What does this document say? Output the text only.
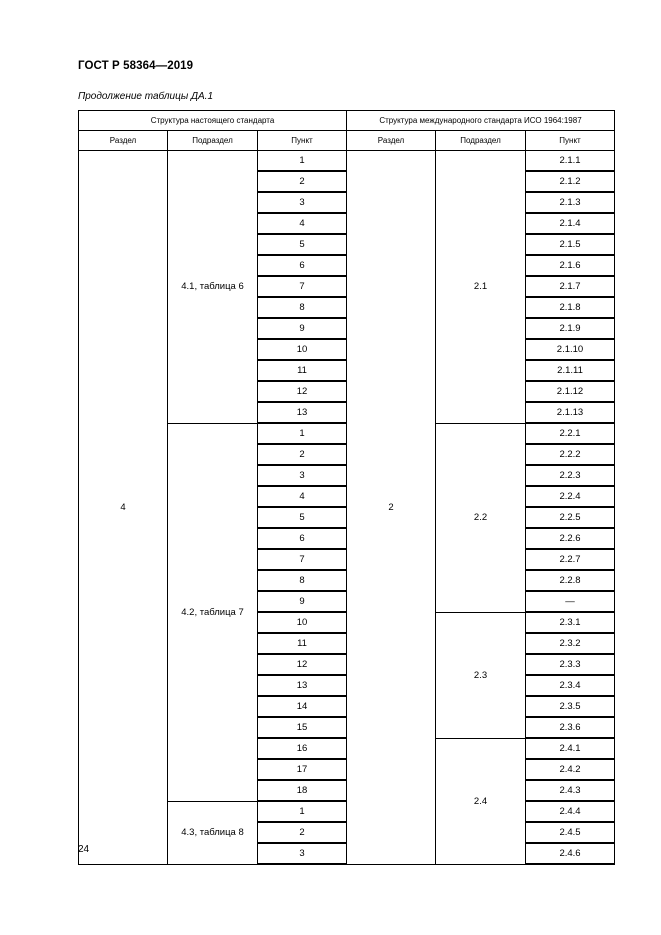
ГОСТ Р 58364—2019
Продолжение таблицы ДА.1
Структура настоящего стандарта			Структура международного стандарта ИСО 1964:1987		
Раздел	Подраздел	Пункт	Раздел	Подраздел	Пункт
4	4.1, таблица 6	1	2	2.1	2.1.1
		2			2.1.2
		3			2.1.3
		4			2.1.4
		5			2.1.5
		6			2.1.6
		7			2.1.7
		8			2.1.8
		9			2.1.9
		10			2.1.10
		11			2.1.11
		12			2.1.12
		13			2.1.13
	4.2, таблица 7	1		2.2	2.2.1
		2			2.2.2
		3			2.2.3
		4			2.2.4
		5			2.2.5
		6			2.2.6
		7			2.2.7
		8			2.2.8
		9			—
		10		2.3	2.3.1
		11			2.3.2
		12			2.3.3
		13			2.3.4
		14			2.3.5
		15			2.3.6
		16		2.4	2.4.1
		17			2.4.2
		18			2.4.3
	4.3, таблица 8	1			2.4.4
		2			2.4.5
		3			2.4.6
24
